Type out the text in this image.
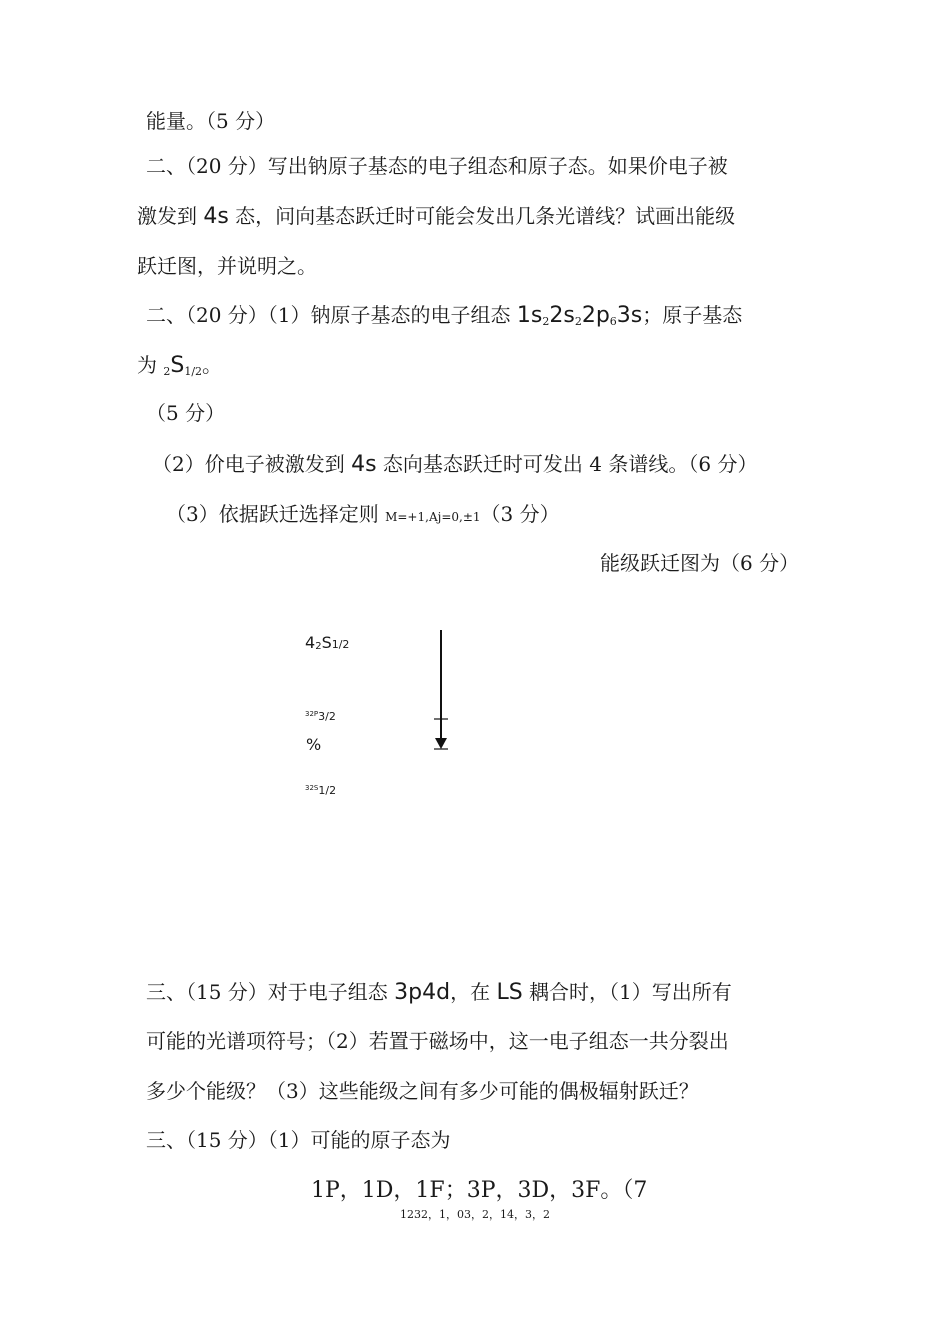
能量。（5 分）
二、（20 分）写出钠原子基态的电子组态和原子态。如果价电子被
激发到 4s 态，问向基态跃迁时可能会发出几条光谱线？试画出能级
跃迁图，并说明之。
二、（20 分）（1）钠原子基态的电子组态 1s22s22p63s；原子基态
为 2S1/2。
（5 分）
（2）价电子被激发到 4s 态向基态跃迁时可发出 4 条谱线。（6 分）
（3）依据跃迁选择定则 M=+1,Aj=0,±1（3 分）
能级跃迁图为（6 分）
42S1/2
$^{32P}$3/2
%
$^{32S}$1/2
三、（15 分）对于电子组态 3p4d，在 LS 耦合时，（1）写出所有
可能的光谱项符号；（2）若置于磁场中，这一电子组态一共分裂出
多少个能级？（3）这些能级之间有多少可能的偶极辐射跃迁？
三、（15 分）（1）可能的原子态为
1P，1D，1F；3P，3D，3F。（7
1232，1，03，2，14，3，2
